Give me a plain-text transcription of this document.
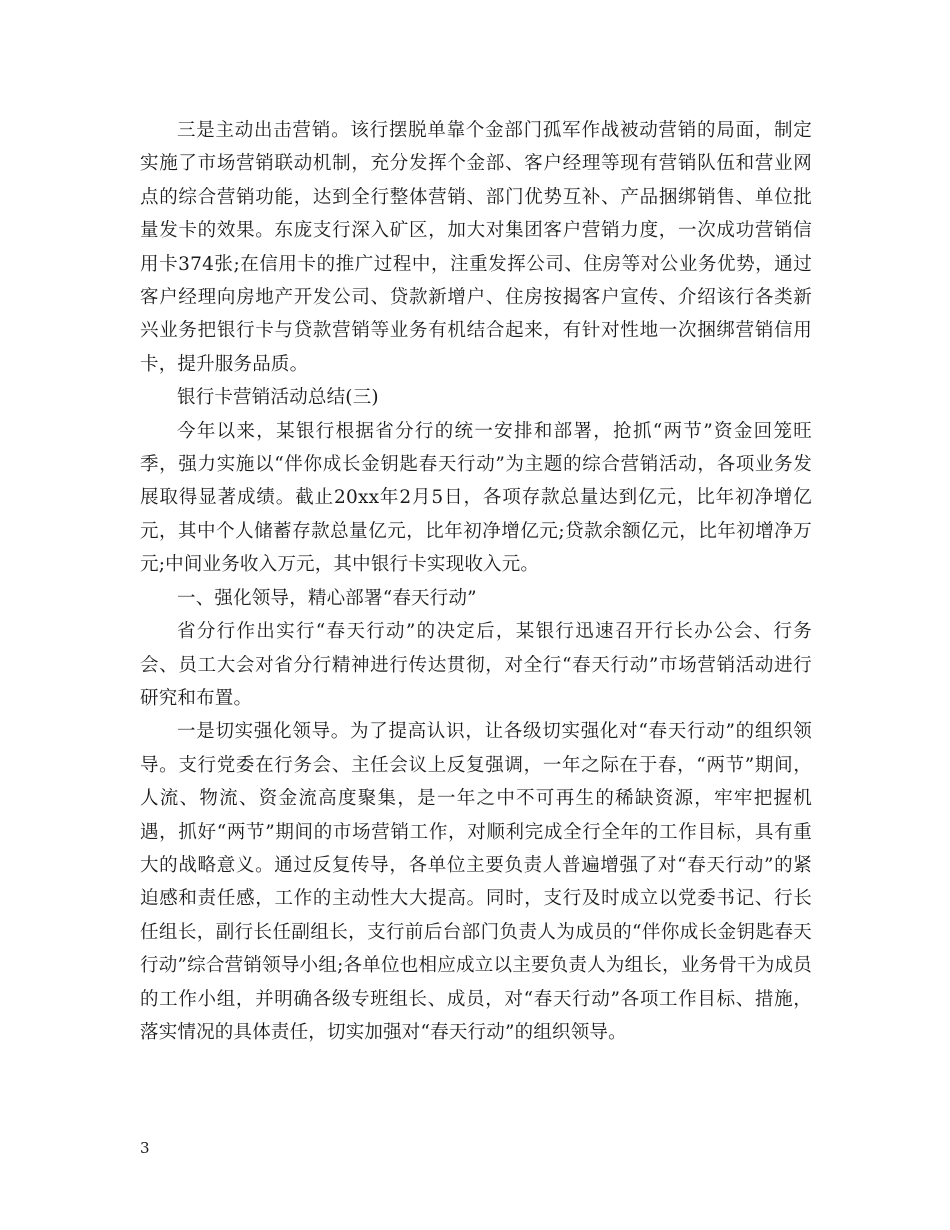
三是主动出击营销。该行摆脱单靠个金部门孤军作战被动营销的局面，制定实施了市场营销联动机制，充分发挥个金部、客户经理等现有营销队伍和营业网点的综合营销功能，达到全行整体营销、部门优势互补、产品捆绑销售、单位批量发卡的效果。东庞支行深入矿区，加大对集团客户营销力度，一次成功营销信用卡374张;在信用卡的推广过程中，注重发挥公司、住房等对公业务优势，通过客户经理向房地产开发公司、贷款新增户、住房按揭客户宣传、介绍该行各类新兴业务把银行卡与贷款营销等业务有机结合起来，有针对性地一次捆绑营销信用卡，提升服务品质。

银行卡营销活动总结(三)

今年以来，某银行根据省分行的统一安排和部署，抢抓“两节”资金回笼旺季，强力实施以“伴你成长金钥匙春天行动”为主题的综合营销活动，各项业务发展取得显著成绩。截止20xx年2月5日，各项存款总量达到亿元，比年初净增亿元，其中个人储蓄存款总量亿元，比年初净增亿元;贷款余额亿元，比年初增净万元;中间业务收入万元，其中银行卡实现收入元。

一、强化领导，精心部署“春天行动”

省分行作出实行“春天行动”的决定后，某银行迅速召开行长办公会、行务会、员工大会对省分行精神进行传达贯彻，对全行“春天行动”市场营销活动进行研究和布置。

一是切实强化领导。为了提高认识，让各级切实强化对“春天行动”的组织领导。支行党委在行务会、主任会议上反复强调，一年之际在于春，“两节”期间，人流、物流、资金流高度聚集，是一年之中不可再生的稀缺资源，牢牢把握机遇，抓好“两节”期间的市场营销工作，对顺利完成全行全年的工作目标，具有重大的战略意义。通过反复传导，各单位主要负责人普遍增强了对“春天行动”的紧迫感和责任感，工作的主动性大大提高。同时，支行及时成立以党委书记、行长任组长，副行长任副组长，支行前后台部门负责人为成员的“伴你成长金钥匙春天行动”综合营销领导小组;各单位也相应成立以主要负责人为组长，业务骨干为成员的工作小组，并明确各级专班组长、成员，对“春天行动”各项工作目标、措施，落实情况的具体责任，切实加强对“春天行动”的组织领导。

3
